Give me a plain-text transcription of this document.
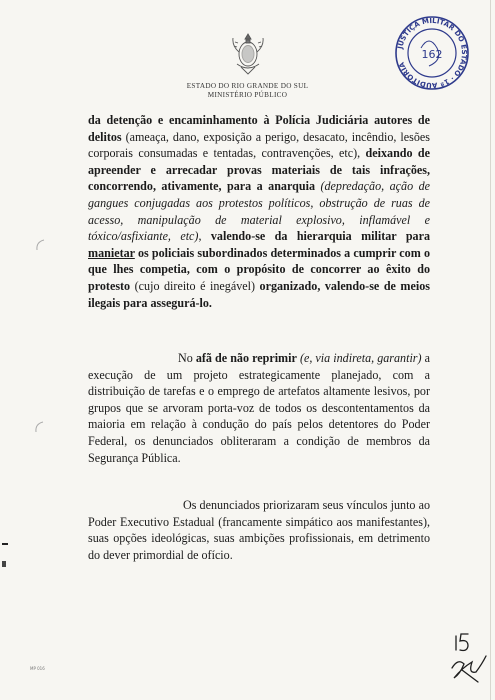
ESTADO DO RIO GRANDE DO SUL
MINISTÉRIO PÚBLICO
JUSTIÇA MILITAR DO ESTADO · 1ª AUDITORIA
162
da detenção e encaminhamento à Polícia Judiciária autores de delitos (ameaça, dano, exposição a perigo, desacato, incêndio, lesões corporais consumadas e tentadas, contravenções, etc), deixando de apreender e arrecadar provas materiais de tais infrações, concorrendo, ativamente, para a anarquia (depredação, ação de gangues conjugadas aos protestos políticos, obstrução de ruas de acesso, manipulação de material explosivo, inflamável e tóxico/asfixiante, etc), valendo-se da hierarquia militar para manietar os policiais subordinados determinados a cumprir com o que lhes competia, com o propósito de concorrer ao êxito do protesto (cujo direito é inegável) organizado, valendo-se de meios ilegais para assegurá-lo.
No afã de não reprimir (e, via indireta, garantir) a execução de um projeto estrategicamente planejado, com a distribuição de tarefas e o emprego de artefatos altamente lesivos, por grupos que se arvoram porta-voz de todos os descontentamentos da maioria em relação à condução do país pelos detentores do Poder Federal, os denunciados obliteraram a condição de membros da Segurança Pública.
Os denunciados priorizaram seus vínculos junto ao Poder Executivo Estadual (francamente simpático aos manifestantes), suas opções ideológicas, suas ambições profissionais, em detrimento do dever primordial de ofício.
MP 016
